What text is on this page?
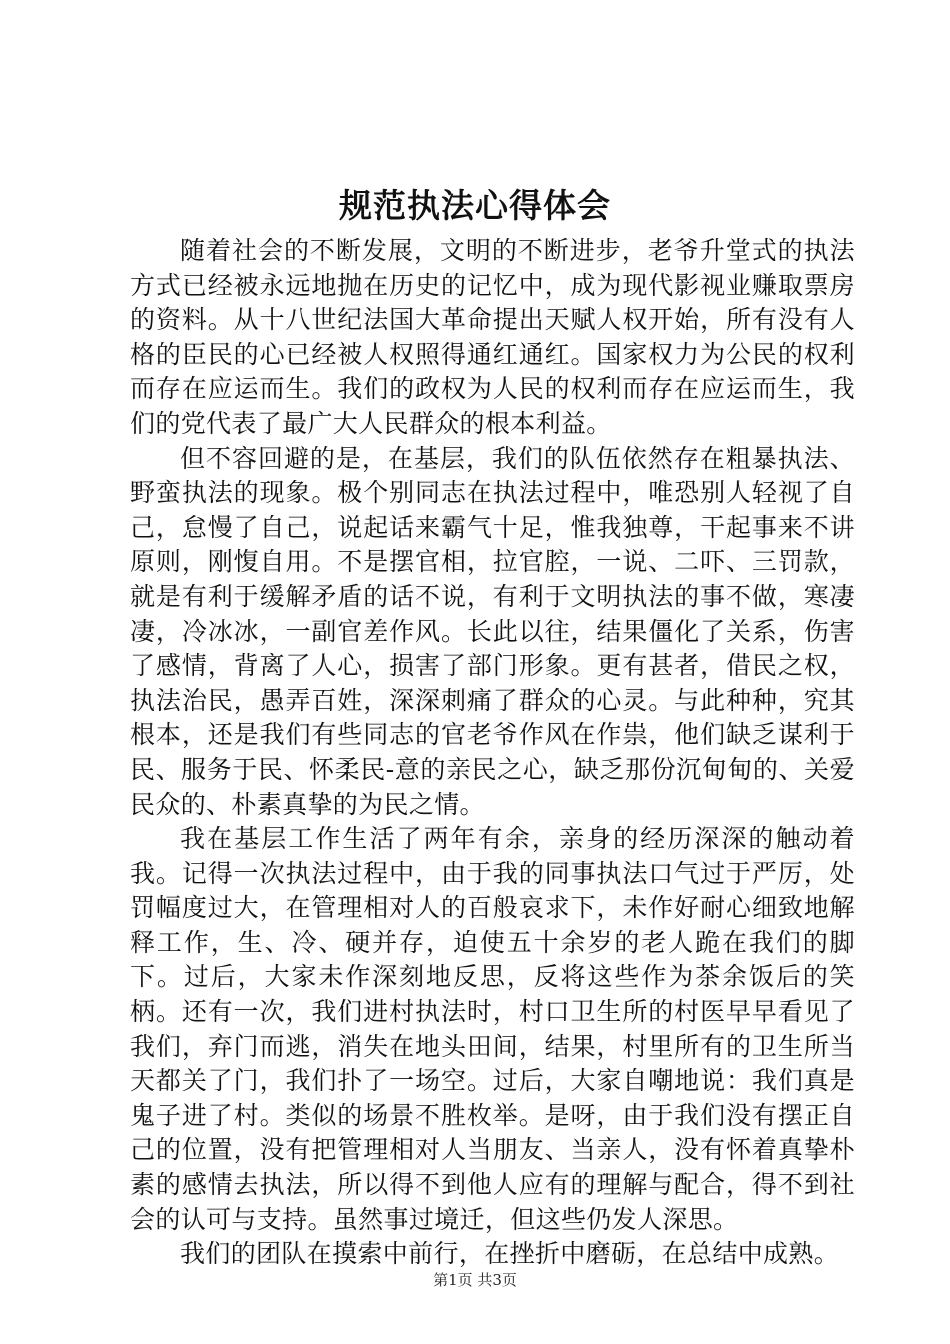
规范执法心得体会

随着社会的不断发展，文明的不断进步，老爷升堂式的执法方式已经被永远地抛在历史的记忆中，成为现代影视业赚取票房的资料。从十八世纪法国大革命提出天赋人权开始，所有没有人格的臣民的心已经被人权照得通红通红。国家权力为公民的权利而存在应运而生。我们的政权为人民的权利而存在应运而生，我们的党代表了最广大人民群众的根本利益。

但不容回避的是，在基层，我们的队伍依然存在粗暴执法、野蛮执法的现象。极个别同志在执法过程中，唯恐别人轻视了自己，怠慢了自己，说起话来霸气十足，惟我独尊，干起事来不讲原则，刚愎自用。不是摆官相，拉官腔，一说、二吓、三罚款，就是有利于缓解矛盾的话不说，有利于文明执法的事不做，寒凄凄，冷冰冰，一副官差作风。长此以往，结果僵化了关系，伤害了感情，背离了人心，损害了部门形象。更有甚者，借民之权，执法治民，愚弄百姓，深深刺痛了群众的心灵。与此种种，究其根本，还是我们有些同志的官老爷作风在作祟，他们缺乏谋利于民、服务于民、怀柔民-意的亲民之心，缺乏那份沉甸甸的、关爱民众的、朴素真挚的为民之情。

我在基层工作生活了两年有余，亲身的经历深深的触动着我。记得一次执法过程中，由于我的同事执法口气过于严厉，处罚幅度过大，在管理相对人的百般哀求下，未作好耐心细致地解释工作，生、冷、硬并存，迫使五十余岁的老人跪在我们的脚下。过后，大家未作深刻地反思，反将这些作为茶余饭后的笑柄。还有一次，我们进村执法时，村口卫生所的村医早早看见了我们，弃门而逃，消失在地头田间，结果，村里所有的卫生所当天都关了门，我们扑了一场空。过后，大家自嘲地说：我们真是鬼子进了村。类似的场景不胜枚举。是呀，由于我们没有摆正自己的位置，没有把管理相对人当朋友、当亲人，没有怀着真挚朴素的感情去执法，所以得不到他人应有的理解与配合，得不到社会的认可与支持。虽然事过境迁，但这些仍发人深思。

我们的团队在摸索中前行，在挫折中磨砺，在总结中成熟。

第1页 共3页
